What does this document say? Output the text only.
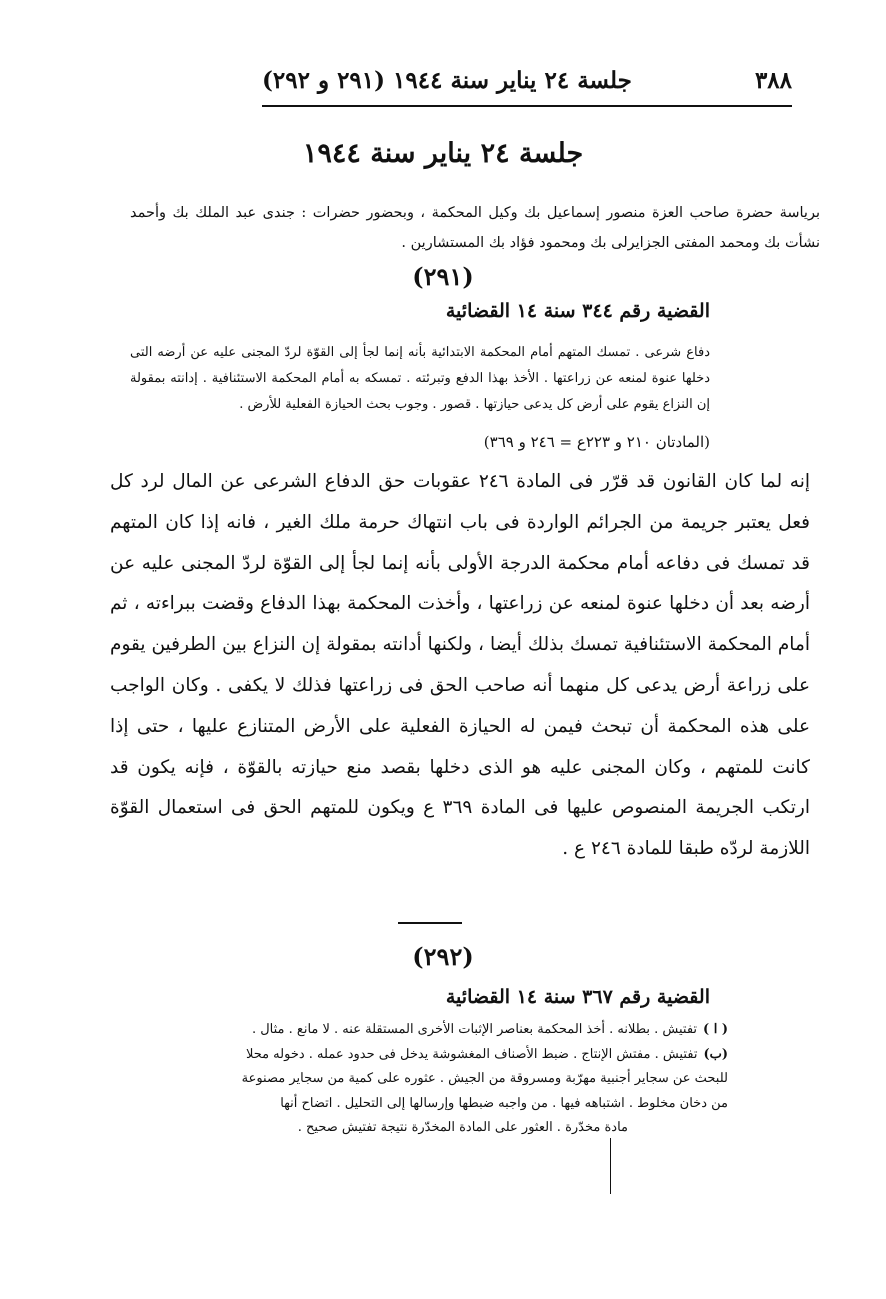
٣٨٨
جلسة ٢٤ يناير سنة ١٩٤٤ (٢٩١ و ٢٩٢)
جلسة ٢٤ يناير سنة ١٩٤٤
برياسة حضرة صاحب العزة منصور إسماعيل بك وكيل المحكمة ، وبحضور حضرات : جندى عبد الملك بك وأحمد نشأت بك ومحمد المفتى الجزايرلى بك ومحمود فؤاد بك المستشارين .
(٢٩١)
القضية رقم ٣٤٤ سنة ١٤ القضائية
دفاع شرعى . تمسك المتهم أمام المحكمة الابتدائية بأنه إنما لجأ إلى القوّة لردّ المجنى عليه عن أرضه التى دخلها عنوة لمنعه عن زراعتها . الأخذ بهذا الدفع وتبرئته . تمسكه به أمام المحكمة الاستئنافية . إدانته بمقولة إن النزاع يقوم على أرض كل يدعى حيازتها . قصور . وجوب بحث الحيازة الفعلية للأرض .
(المادتان ٢١٠ و ٢٢٣ع = ٢٤٦ و ٣٦٩)
إنه لما كان القانون قد قرّر فى المادة ٢٤٦ عقوبات حق الدفاع الشرعى عن المال لرد كل فعل يعتبر جريمة من الجرائم الواردة فى باب انتهاك حرمة ملك الغير ، فانه إذا كان المتهم قد تمسك فى دفاعه أمام محكمة الدرجة الأولى بأنه إنما لجأ إلى القوّة لردّ المجنى عليه عن أرضه بعد أن دخلها عنوة لمنعه عن زراعتها ، وأخذت المحكمة بهذا الدفاع وقضت ببراءته ، ثم أمام المحكمة الاستئنافية تمسك بذلك أيضا ، ولكنها أدانته بمقولة إن النزاع بين الطرفين يقوم على زراعة أرض يدعى كل منهما أنه صاحب الحق فى زراعتها فذلك لا يكفى . وكان الواجب على هذه المحكمة أن تبحث فيمن له الحيازة الفعلية على الأرض المتنازع عليها ، حتى إذا كانت للمتهم ، وكان المجنى عليه هو الذى دخلها بقصد منع حيازته بالقوّة ، فإنه يكون قد ارتكب الجريمة المنصوص عليها فى المادة ٣٦٩ ع ويكون للمتهم الحق فى استعمال القوّة اللازمة لردّه طبقا للمادة ٢٤٦ ع .
(٢٩٢)
القضية رقم ٣٦٧ سنة ١٤ القضائية
( ا )تفتيش . بطلانه . أخذ المحكمة بعناصر الإثبات الأخرى المستقلة عنه . لا مانع . مثال .
(ب)تفتيش . مفتش الإنتاج . ضبط الأصناف المغشوشة يدخل فى حدود عمله . دخوله محلا
للبحث عن سجاير أجنبية مهرّبة ومسروقة من الجيش . عثوره على كمية من سجاير مصنوعة
من دخان مخلوط . اشتباهه فيها . من واجبه ضبطها وإرسالها إلى التحليل . اتضاح أنها
مادة مخدّرة . العثور على المادة المخدّرة نتيجة تفتيش صحيح .
